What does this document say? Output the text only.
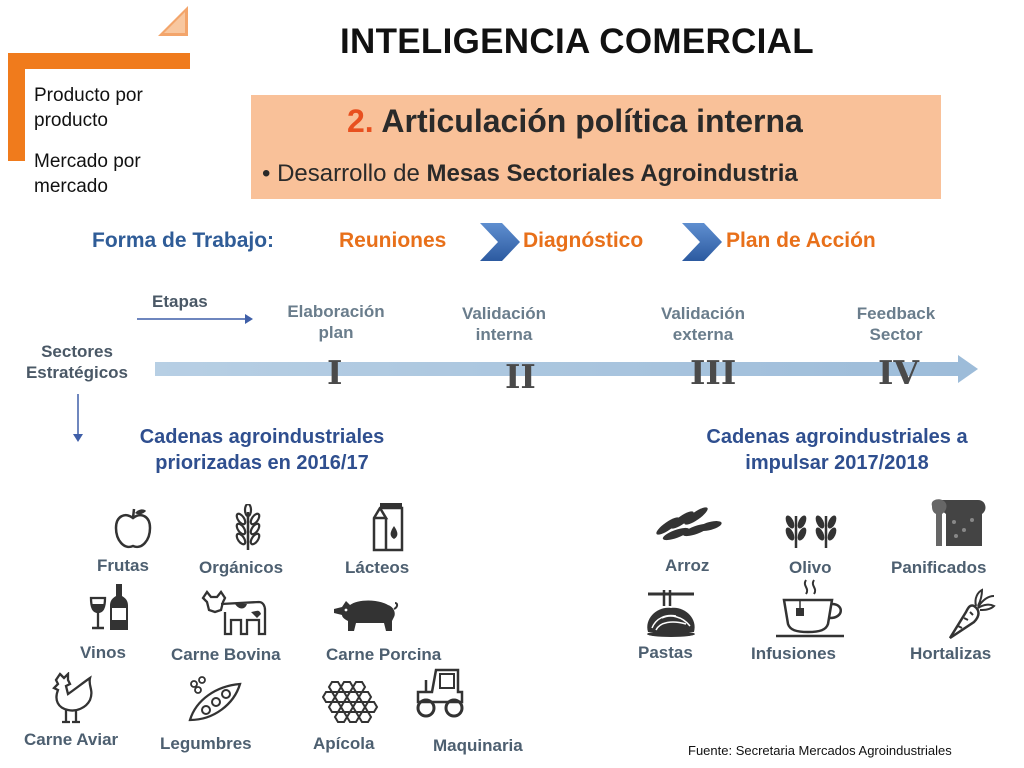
Producto por
producto
Mercado por
mercado
INTELIGENCIA COMERCIAL
2. Articulación política interna
• Desarrollo de Mesas Sectoriales Agroindustria
Forma de Trabajo:	Reuniones	Diagnóstico	Plan de Acción
Etapas
Sectores
Estratégicos
Elaboración
plan
Validación
interna
Validación
externa
Feedback
Sector
I	II	III	IV
Cadenas agroindustriales
priorizadas en 2016/17
Cadenas agroindustriales a
impulsar 2017/2018
Frutas	Orgánicos	Lácteos
Vinos	Carne Bovina	Carne Porcina
Carne Aviar Legumbres	Apícola	Maquinaria
Arroz	Olivo	Panificados
Pastas	Infusiones	Hortalizas
Fuente: Secretaria Mercados Agroindustriales
